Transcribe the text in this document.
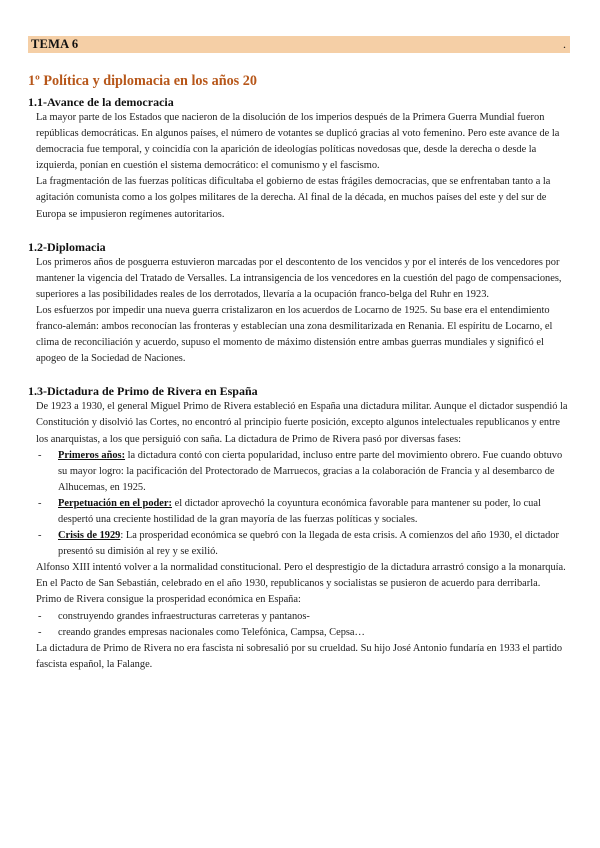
TEMA 6	.
1º Política y diplomacia en los años 20
1.1-Avance de la democracia

La mayor parte de los Estados que nacieron de la disolución de los imperios después de la Primera Guerra Mundial fueron repúblicas democráticas. En algunos países, el número de votantes se duplicó gracias al voto femenino. Pero este avance de la democracia fue temporal, y coincidía con la aparición de ideologías políticas novedosas que, desde la derecha o desde la izquierda, ponían en cuestión el sistema democrático: el comunismo y el fascismo.

La fragmentación de las fuerzas políticas dificultaba el gobierno de estas frágiles democracias, que se enfrentaban tanto a la agitación comunista como a los golpes militares de la derecha. Al final de la década, en muchos países del este y del sur de Europa se impusieron regímenes autoritarios.

1.2-Diplomacia

Los primeros años de posguerra estuvieron marcadas por el descontento de los vencidos y por el interés de los vencedores por mantener la vigencia del Tratado de Versalles. La intransigencia de los vencedores en la cuestión del pago de compensaciones, superiores a las posibilidades reales de los derrotados, llevaría a la ocupación franco-belga del Ruhr en 1923.

Los esfuerzos por impedir una nueva guerra cristalizaron en los acuerdos de Locarno de 1925. Su base era el entendimiento franco-alemán: ambos reconocían las fronteras y establecían una zona desmilitarizada en Renania. El espíritu de Locarno, el clima de reconciliación y acuerdo, supuso el momento de máximo distensión entre ambas guerras mundiales y significó el apogeo de la Sociedad de Naciones.

1.3-Dictadura de Primo de Rivera en España

De 1923 a 1930, el general Miguel Primo de Rivera estableció en España una dictadura militar. Aunque el dictador suspendió la Constitución y disolvió las Cortes, no encontró al principio fuerte posición, excepto algunos intelectuales republicanos y entre los anarquistas, a los que persiguió con saña. La dictadura de Primo de Rivera pasó por diversas fases:

- Primeros años: la dictadura contó con cierta popularidad, incluso entre parte del movimiento obrero. Fue cuando obtuvo su mayor logro: la pacificación del Protectorado de Marruecos, gracias a la colaboración de Francia y al desembarco de Alhucemas, en 1925.
- Perpetuación en el poder: el dictador aprovechó la coyuntura económica favorable para mantener su poder, lo cual despertó una creciente hostilidad de la gran mayoría de las fuerzas políticas y sociales.
- Crisis de 1929: La prosperidad económica se quebró con la llegada de esta crisis. A comienzos del año 1930, el dictador presentó su dimisión al rey y se exilió.

Alfonso XIII intentó volver a la normalidad constitucional. Pero el desprestigio de la dictadura arrastró consigo a la monarquía. En el Pacto de San Sebastián, celebrado en el año 1930, republicanos y socialistas se pusieron de acuerdo para derribarla. Primo de Rivera consigue la prosperidad económica en España:

- construyendo grandes infraestructuras carreteras y pantanos-
- creando grandes empresas nacionales como Telefónica, Campsa, Cepsa…

La dictadura de Primo de Rivera no era fascista ni sobresalió por su crueldad. Su hijo José Antonio fundaría en 1933 el partido fascista español, la Falange.
